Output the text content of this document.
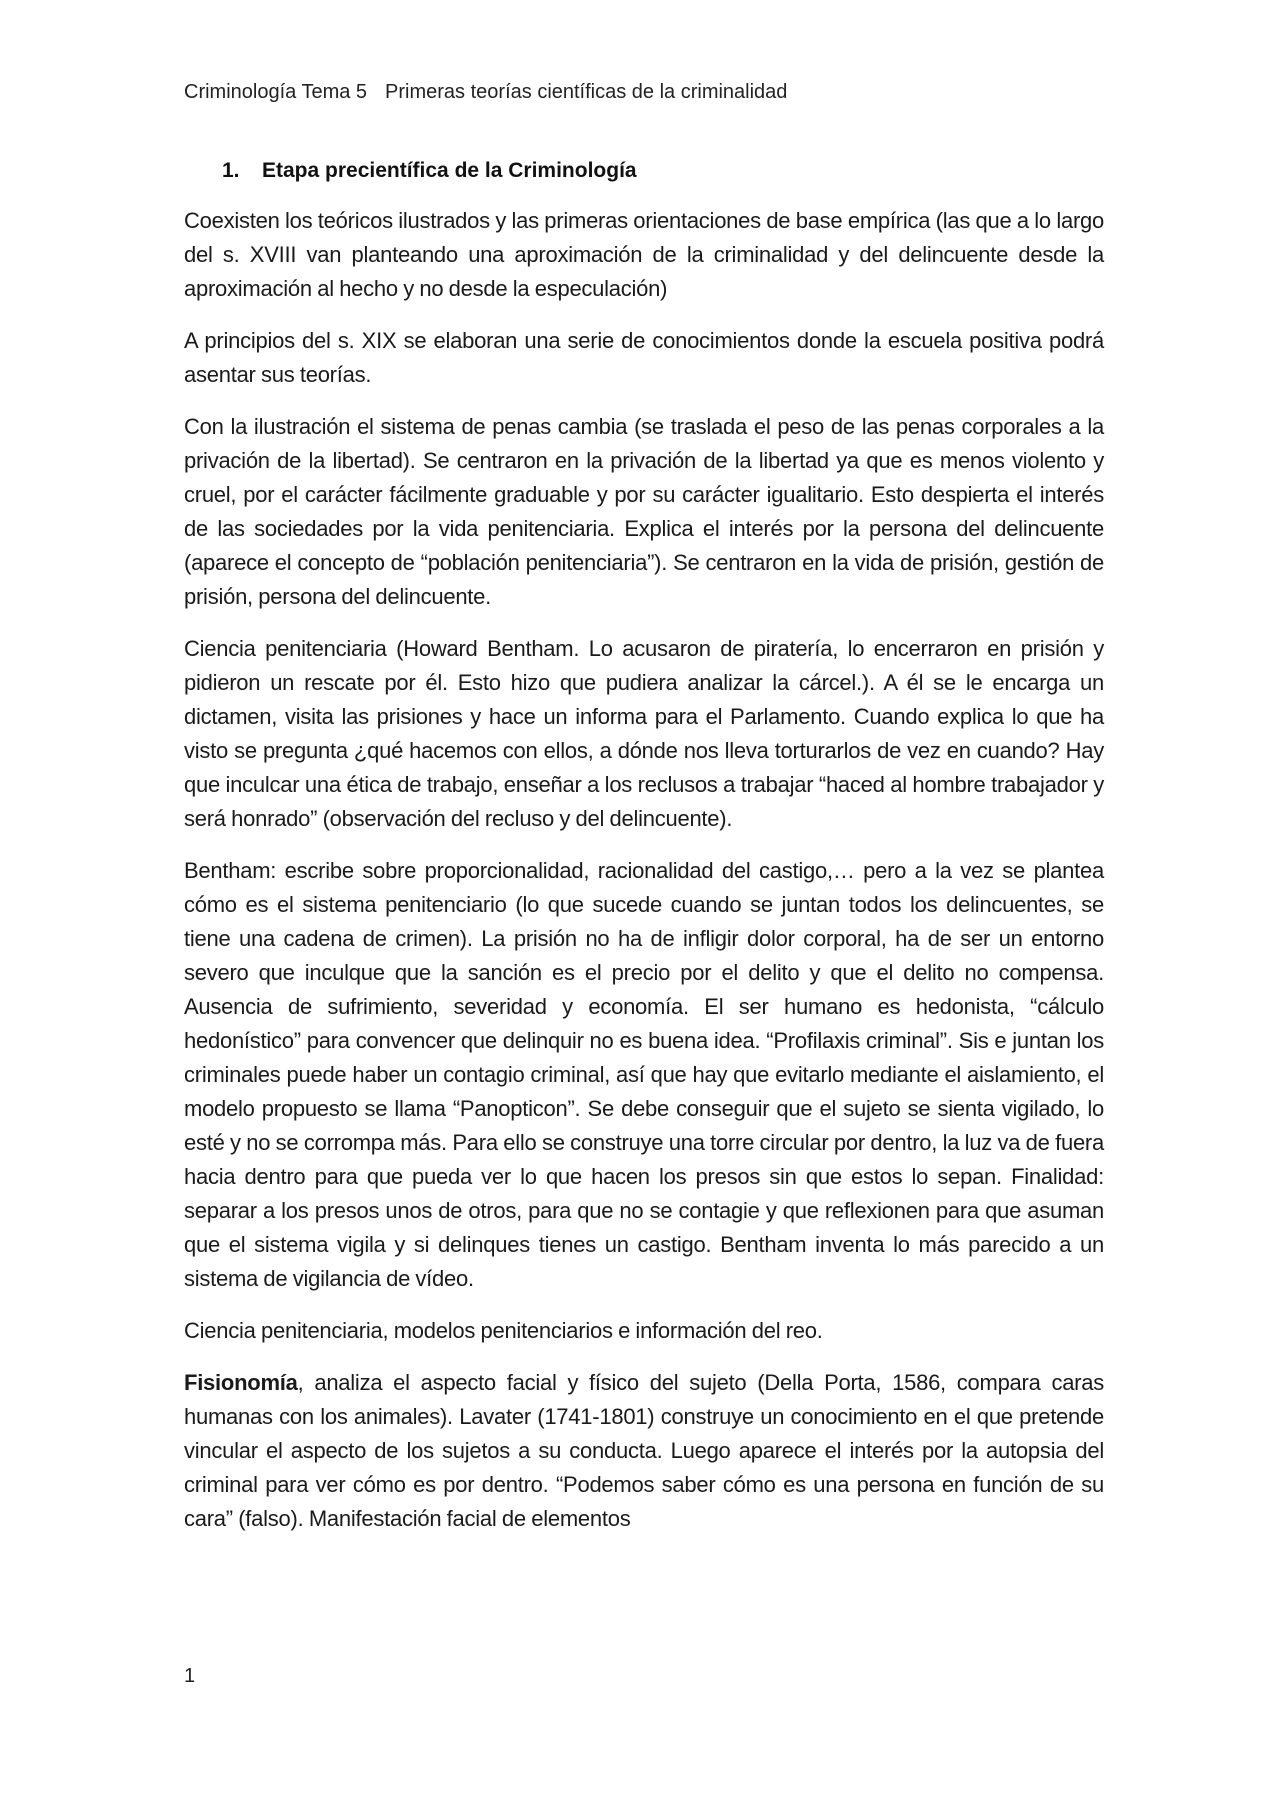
Criminología Tema 5 Primeras teorías científicas de la criminalidad
1. Etapa precientífica de la Criminología

Coexisten los teóricos ilustrados y las primeras orientaciones de base empírica (las que a lo largo del s. XVIII van planteando una aproximación de la criminalidad y del delincuente desde la aproximación al hecho y no desde la especulación)

A principios del s. XIX se elaboran una serie de conocimientos donde la escuela positiva podrá asentar sus teorías.

Con la ilustración el sistema de penas cambia (se traslada el peso de las penas corporales a la privación de la libertad). Se centraron en la privación de la libertad ya que es menos violento y cruel, por el carácter fácilmente graduable y por su carácter igualitario. Esto despierta el interés de las sociedades por la vida penitenciaria. Explica el interés por la persona del delincuente (aparece el concepto de “población penitenciaria”). Se centraron en la vida de prisión, gestión de prisión, persona del delincuente.

Ciencia penitenciaria (Howard Bentham. Lo acusaron de piratería, lo encerraron en prisión y pidieron un rescate por él. Esto hizo que pudiera analizar la cárcel.). A él se le encarga un dictamen, visita las prisiones y hace un informa para el Parlamento. Cuando explica lo que ha visto se pregunta ¿qué hacemos con ellos, a dónde nos lleva torturarlos de vez en cuando? Hay que inculcar una ética de trabajo, enseñar a los reclusos a trabajar “haced al hombre trabajador y será honrado” (observación del recluso y del delincuente).

Bentham: escribe sobre proporcionalidad, racionalidad del castigo,… pero a la vez se plantea cómo es el sistema penitenciario (lo que sucede cuando se juntan todos los delincuentes, se tiene una cadena de crimen). La prisión no ha de infligir dolor corporal, ha de ser un entorno severo que inculque que la sanción es el precio por el delito y que el delito no compensa. Ausencia de sufrimiento, severidad y economía. El ser humano es hedonista, “cálculo hedonístico” para convencer que delinquir no es buena idea. “Profilaxis criminal”. Sis e juntan los criminales puede haber un contagio criminal, así que hay que evitarlo mediante el aislamiento, el modelo propuesto se llama “Panopticon”. Se debe conseguir que el sujeto se sienta vigilado, lo esté y no se corrompa más. Para ello se construye una torre circular por dentro, la luz va de fuera hacia dentro para que pueda ver lo que hacen los presos sin que estos lo sepan. Finalidad: separar a los presos unos de otros, para que no se contagie y que reflexionen para que asuman que el sistema vigila y si delinques tienes un castigo. Bentham inventa lo más parecido a un sistema de vigilancia de vídeo.

Ciencia penitenciaria, modelos penitenciarios e información del reo.

Fisionomía, analiza el aspecto facial y físico del sujeto (Della Porta, 1586, compara caras humanas con los animales). Lavater (1741-1801) construye un conocimiento en el que pretende vincular el aspecto de los sujetos a su conducta. Luego aparece el interés por la autopsia del criminal para ver cómo es por dentro. “Podemos saber cómo es una persona en función de su cara” (falso). Manifestación facial de elementos

1
